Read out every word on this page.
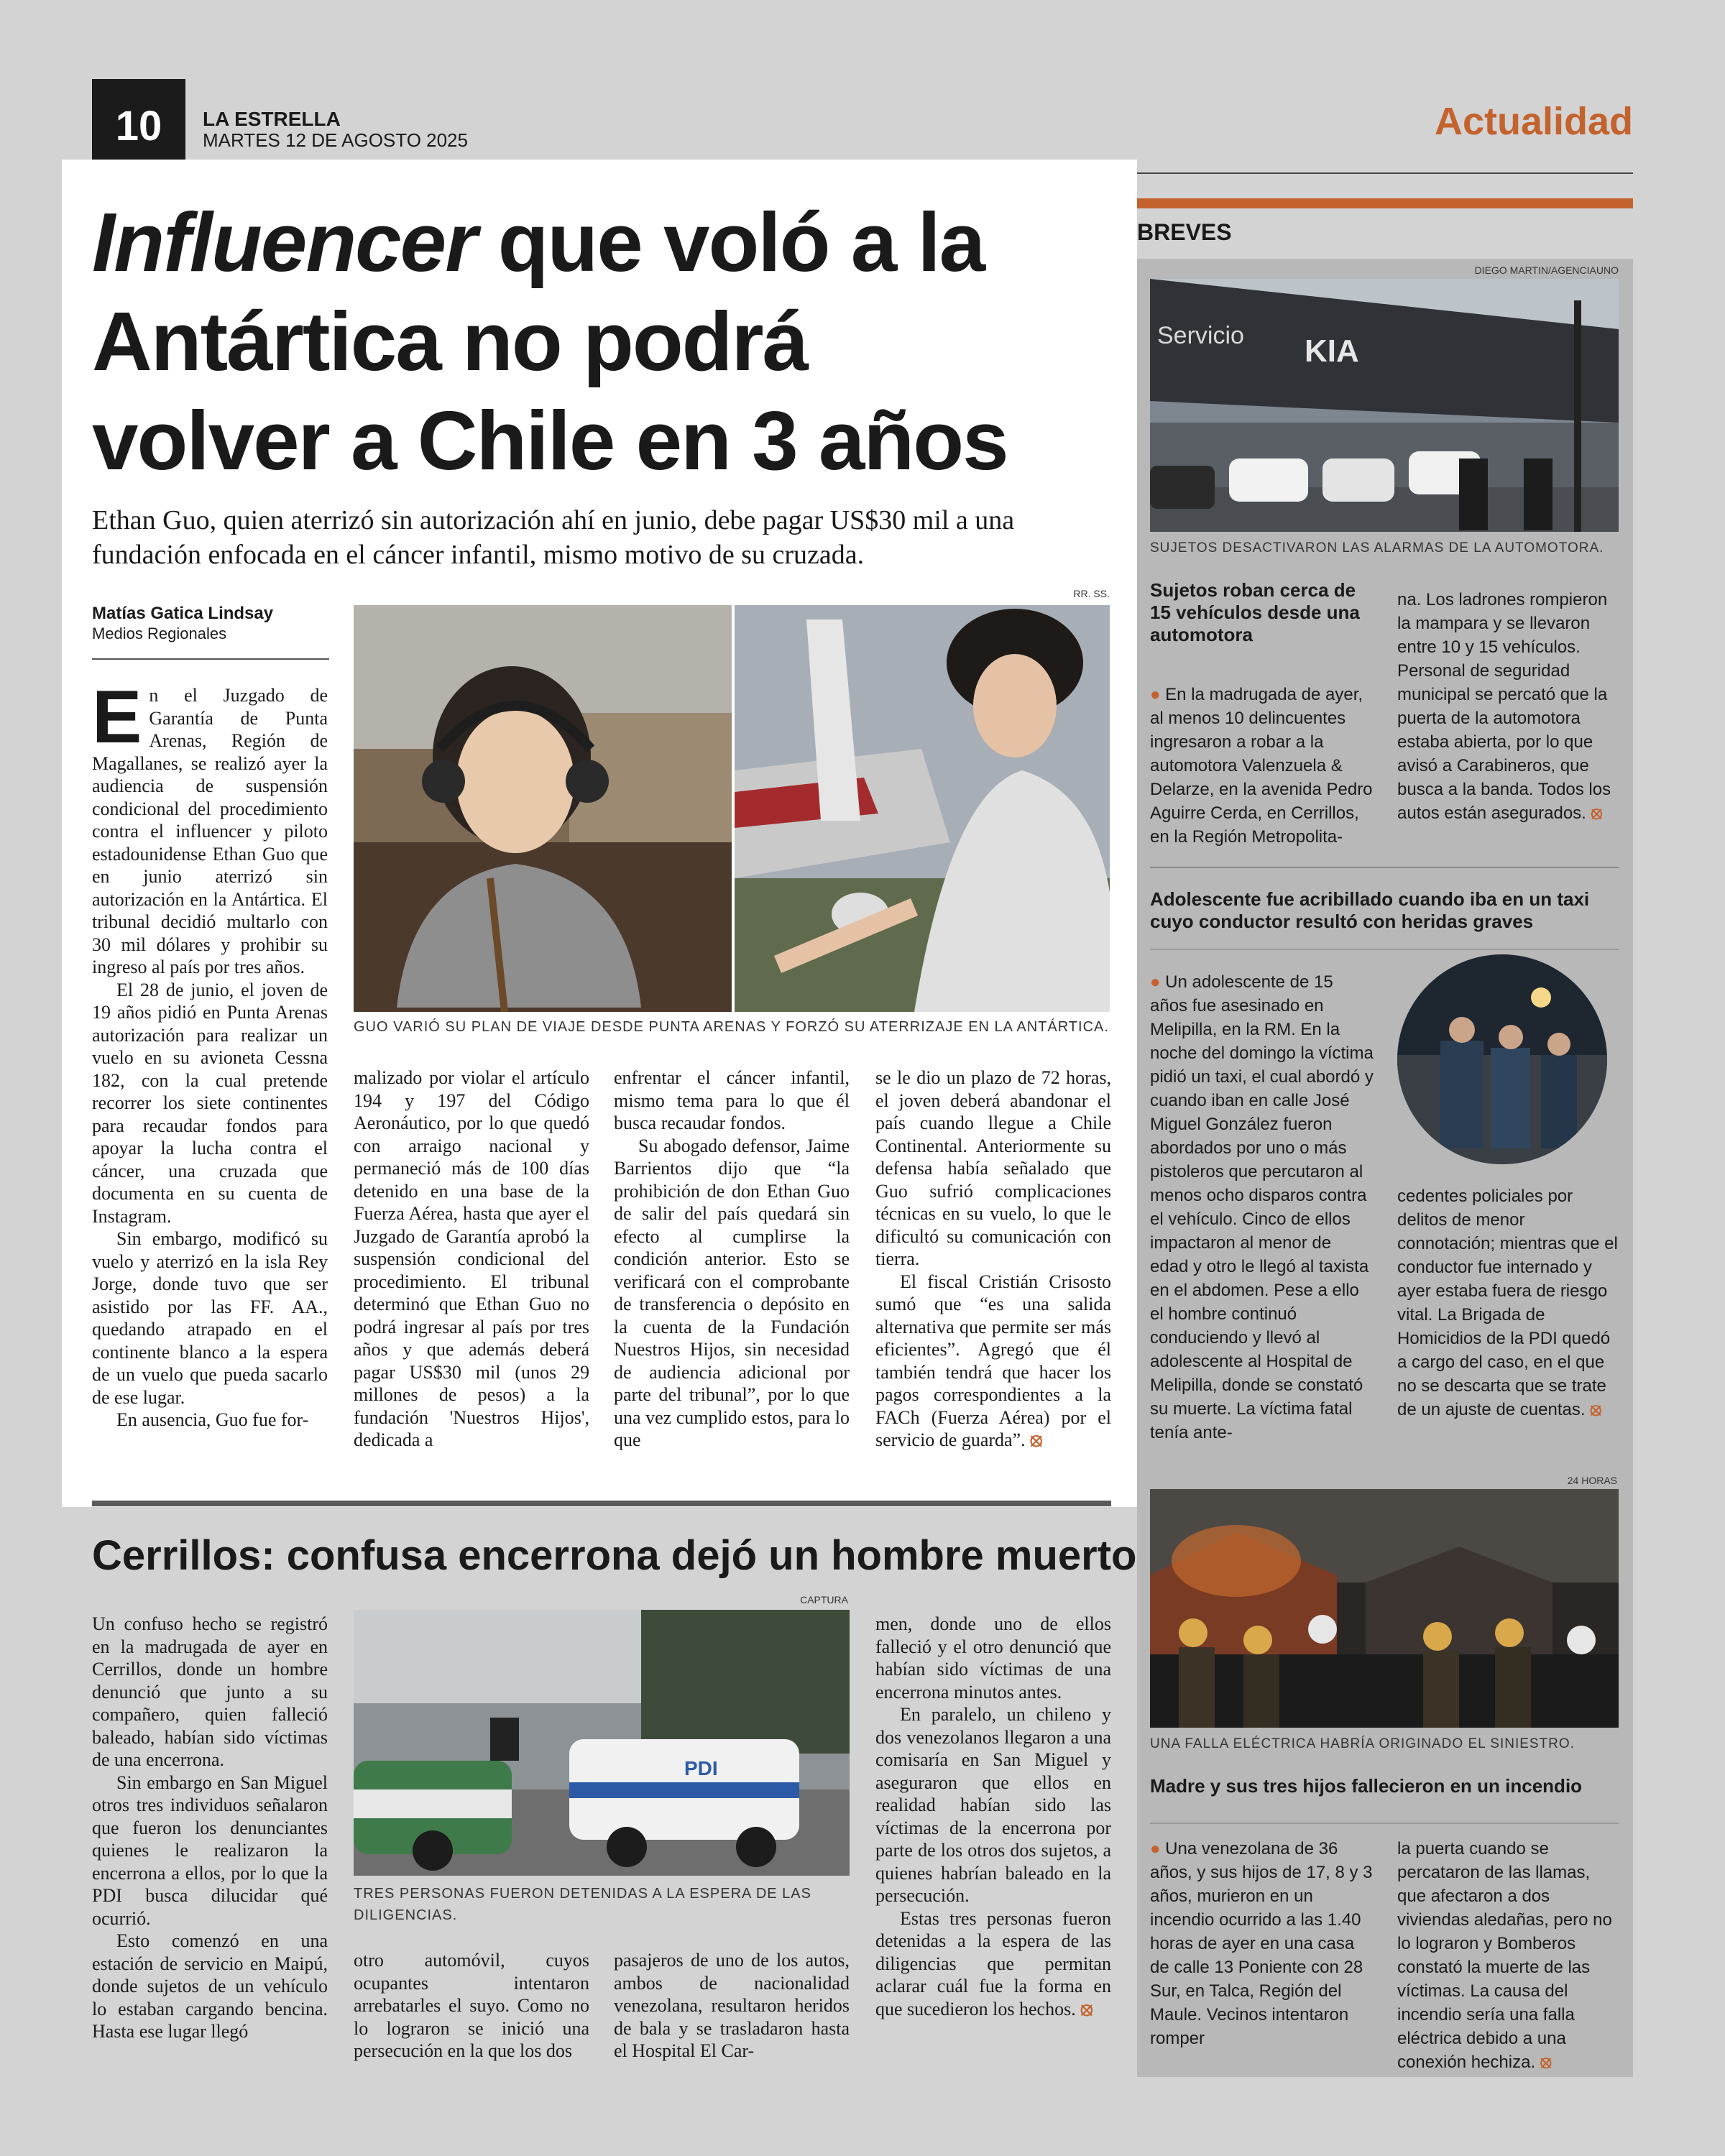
10	LA ESTRELLA
MARTES 12 DE AGOSTO 2025	Actualidad
Influencer que voló a la
Antártica no podrá
volver a Chile en 3 años
Ethan Guo, quien aterrizó sin autorización ahí en junio, debe pagar US$30 mil a una fundación enfocada en el cáncer infantil, mismo motivo de su cruzada.
Matías Gatica Lindsay
Medios Regionales
RR. SS.
GUO VARIÓ SU PLAN DE VIAJE DESDE PUNTA ARENAS Y FORZÓ SU ATERRIZAJE EN LA ANTÁRTICA.

En el Juzgado de Garantía de Punta Arenas, Región de Magallanes, se realizó ayer la audiencia de suspensión condicional del procedimiento contra el influencer y piloto estadounidense Ethan Guo que en junio aterrizó sin autorización en la Antártica. El tribunal decidió multarlo con 30 mil dólares y prohibir su ingreso al país por tres años.

El 28 de junio, el joven de 19 años pidió en Punta Arenas autorización para realizar un vuelo en su avioneta Cessna 182, con la cual pretende recorrer los siete continentes para recaudar fondos para apoyar la lucha contra el cáncer, una cruzada que documenta en su cuenta de Instagram.

Sin embargo, modificó su vuelo y aterrizó en la isla Rey Jorge, donde tuvo que ser asistido por las FF. AA., quedando atrapado en el continente blanco a la espera de un vuelo que pueda sacarlo de ese lugar.

En ausencia, Guo fue for-

malizado por violar el artículo 194 y 197 del Código Aeronáutico, por lo que quedó con arraigo nacional y permaneció más de 100 días detenido en una base de la Fuerza Aérea, hasta que ayer el Juzgado de Garantía aprobó la suspensión condicional del procedimiento. El tribunal determinó que Ethan Guo no podrá ingresar al país por tres años y que además deberá pagar US$30 mil (unos 29 millones de pesos) a la fundación 'Nuestros Hijos', dedicada a

enfrentar el cáncer infantil, mismo tema para lo que él busca recaudar fondos.

Su abogado defensor, Jaime Barrientos dijo que “la prohibición de don Ethan Guo de salir del país quedará sin efecto al cumplirse la condición anterior. Esto se verificará con el comprobante de transferencia o depósito en la cuenta de la Fundación Nuestros Hijos, sin necesidad de audiencia adicional por parte del tribunal”, por lo que una vez cumplido estos, para lo que

se le dio un plazo de 72 horas, el joven deberá abandonar el país cuando llegue a Chile Continental. Anteriormente su defensa había señalado que Guo sufrió complicaciones técnicas en su vuelo, lo que le dificultó su comunicación con tierra.

El fiscal Cristián Crisosto sumó que “es una salida alternativa que permite ser más eficientes”. Agregó que él también tendrá que hacer los pagos correspondientes a la FACh (Fuerza Aérea) por el servicio de guarda”. ⦻

Cerrillos: confusa encerrona dejó un hombre muerto
CAPTURA
PDI
TRES PERSONAS FUERON DETENIDAS A LA ESPERA DE LAS DILIGENCIAS.

Un confuso hecho se registró en la madrugada de ayer en Cerrillos, donde un hombre denunció que junto a su compañero, quien falleció baleado, habían sido víctimas de una encerrona.

Sin embargo en San Miguel otros tres individuos señalaron que fueron los denunciantes quienes le realizaron la encerrona a ellos, por lo que la PDI busca dilucidar qué ocurrió.

Esto comenzó en una estación de servicio en Maipú, donde sujetos de un vehículo lo estaban cargando bencina. Hasta ese lugar llegó

otro automóvil, cuyos ocupantes intentaron arrebatarles el suyo. Como no lo lograron se inició una persecución en la que los dos

pasajeros de uno de los autos, ambos de nacionalidad venezolana, resultaron heridos de bala y se trasladaron hasta el Hospital El Car-

men, donde uno de ellos falleció y el otro denunció que habían sido víctimas de una encerrona minutos antes.

En paralelo, un chileno y dos venezolanos llegaron a una comisaría en San Miguel y aseguraron que ellos en realidad habían sido las víctimas de la encerrona por parte de los otros dos sujetos, a quienes habrían baleado en la persecución.

Estas tres personas fueron detenidas a la espera de las diligencias que permitan aclarar cuál fue la forma en que sucedieron los hechos. ⦻

BREVES
DIEGO MARTIN/AGENCIAUNO
Servicio KIA
SUJETOS DESACTIVARON LAS ALARMAS DE LA AUTOMOTORA.
Sujetos roban cerca de 15 vehículos desde una automotora
● En la madrugada de ayer, al menos 10 delincuentes ingresaron a robar a la automotora Valenzuela & Delarze, en la avenida Pedro Aguirre Cerda, en Cerrillos, en la Región Metropolita-
na. Los ladrones rompieron la mampara y se llevaron entre 10 y 15 vehículos. Personal de seguridad municipal se percató que la puerta de la automotora estaba abierta, por lo que avisó a Carabineros, que busca a la banda. Todos los autos están asegurados. ⦻
Adolescente fue acribillado cuando iba en un taxi cuyo conductor resultó con heridas graves
● Un adolescente de 15 años fue asesinado en Melipilla, en la RM. En la noche del domingo la víctima pidió un taxi, el cual abordó y cuando iban en calle José Miguel González fueron abordados por uno o más pistoleros que percutaron al menos ocho disparos contra el vehículo. Cinco de ellos impactaron al menor de edad y otro le llegó al taxista en el abdomen. Pese a ello el hombre continuó conduciendo y llevó al adolescente al Hospital de Melipilla, donde se constató su muerte. La víctima fatal tenía ante-
cedentes policiales por delitos de menor connotación; mientras que el conductor fue internado y ayer estaba fuera de riesgo vital. La Brigada de Homicidios de la PDI quedó a cargo del caso, en el que no se descarta que se trate de un ajuste de cuentas. ⦻
24 HORAS
UNA FALLA ELÉCTRICA HABRÍA ORIGINADO EL SINIESTRO.
Madre y sus tres hijos fallecieron en un incendio
● Una venezolana de 36 años, y sus hijos de 17, 8 y 3 años, murieron en un incendio ocurrido a las 1.40 horas de ayer en una casa de calle 13 Poniente con 28 Sur, en Talca, Región del Maule. Vecinos intentaron romper
la puerta cuando se percataron de las llamas, que afectaron a dos viviendas aledañas, pero no lo lograron y Bomberos constató la muerte de las víctimas. La causa del incendio sería una falla eléctrica debido a una conexión hechiza. ⦻
